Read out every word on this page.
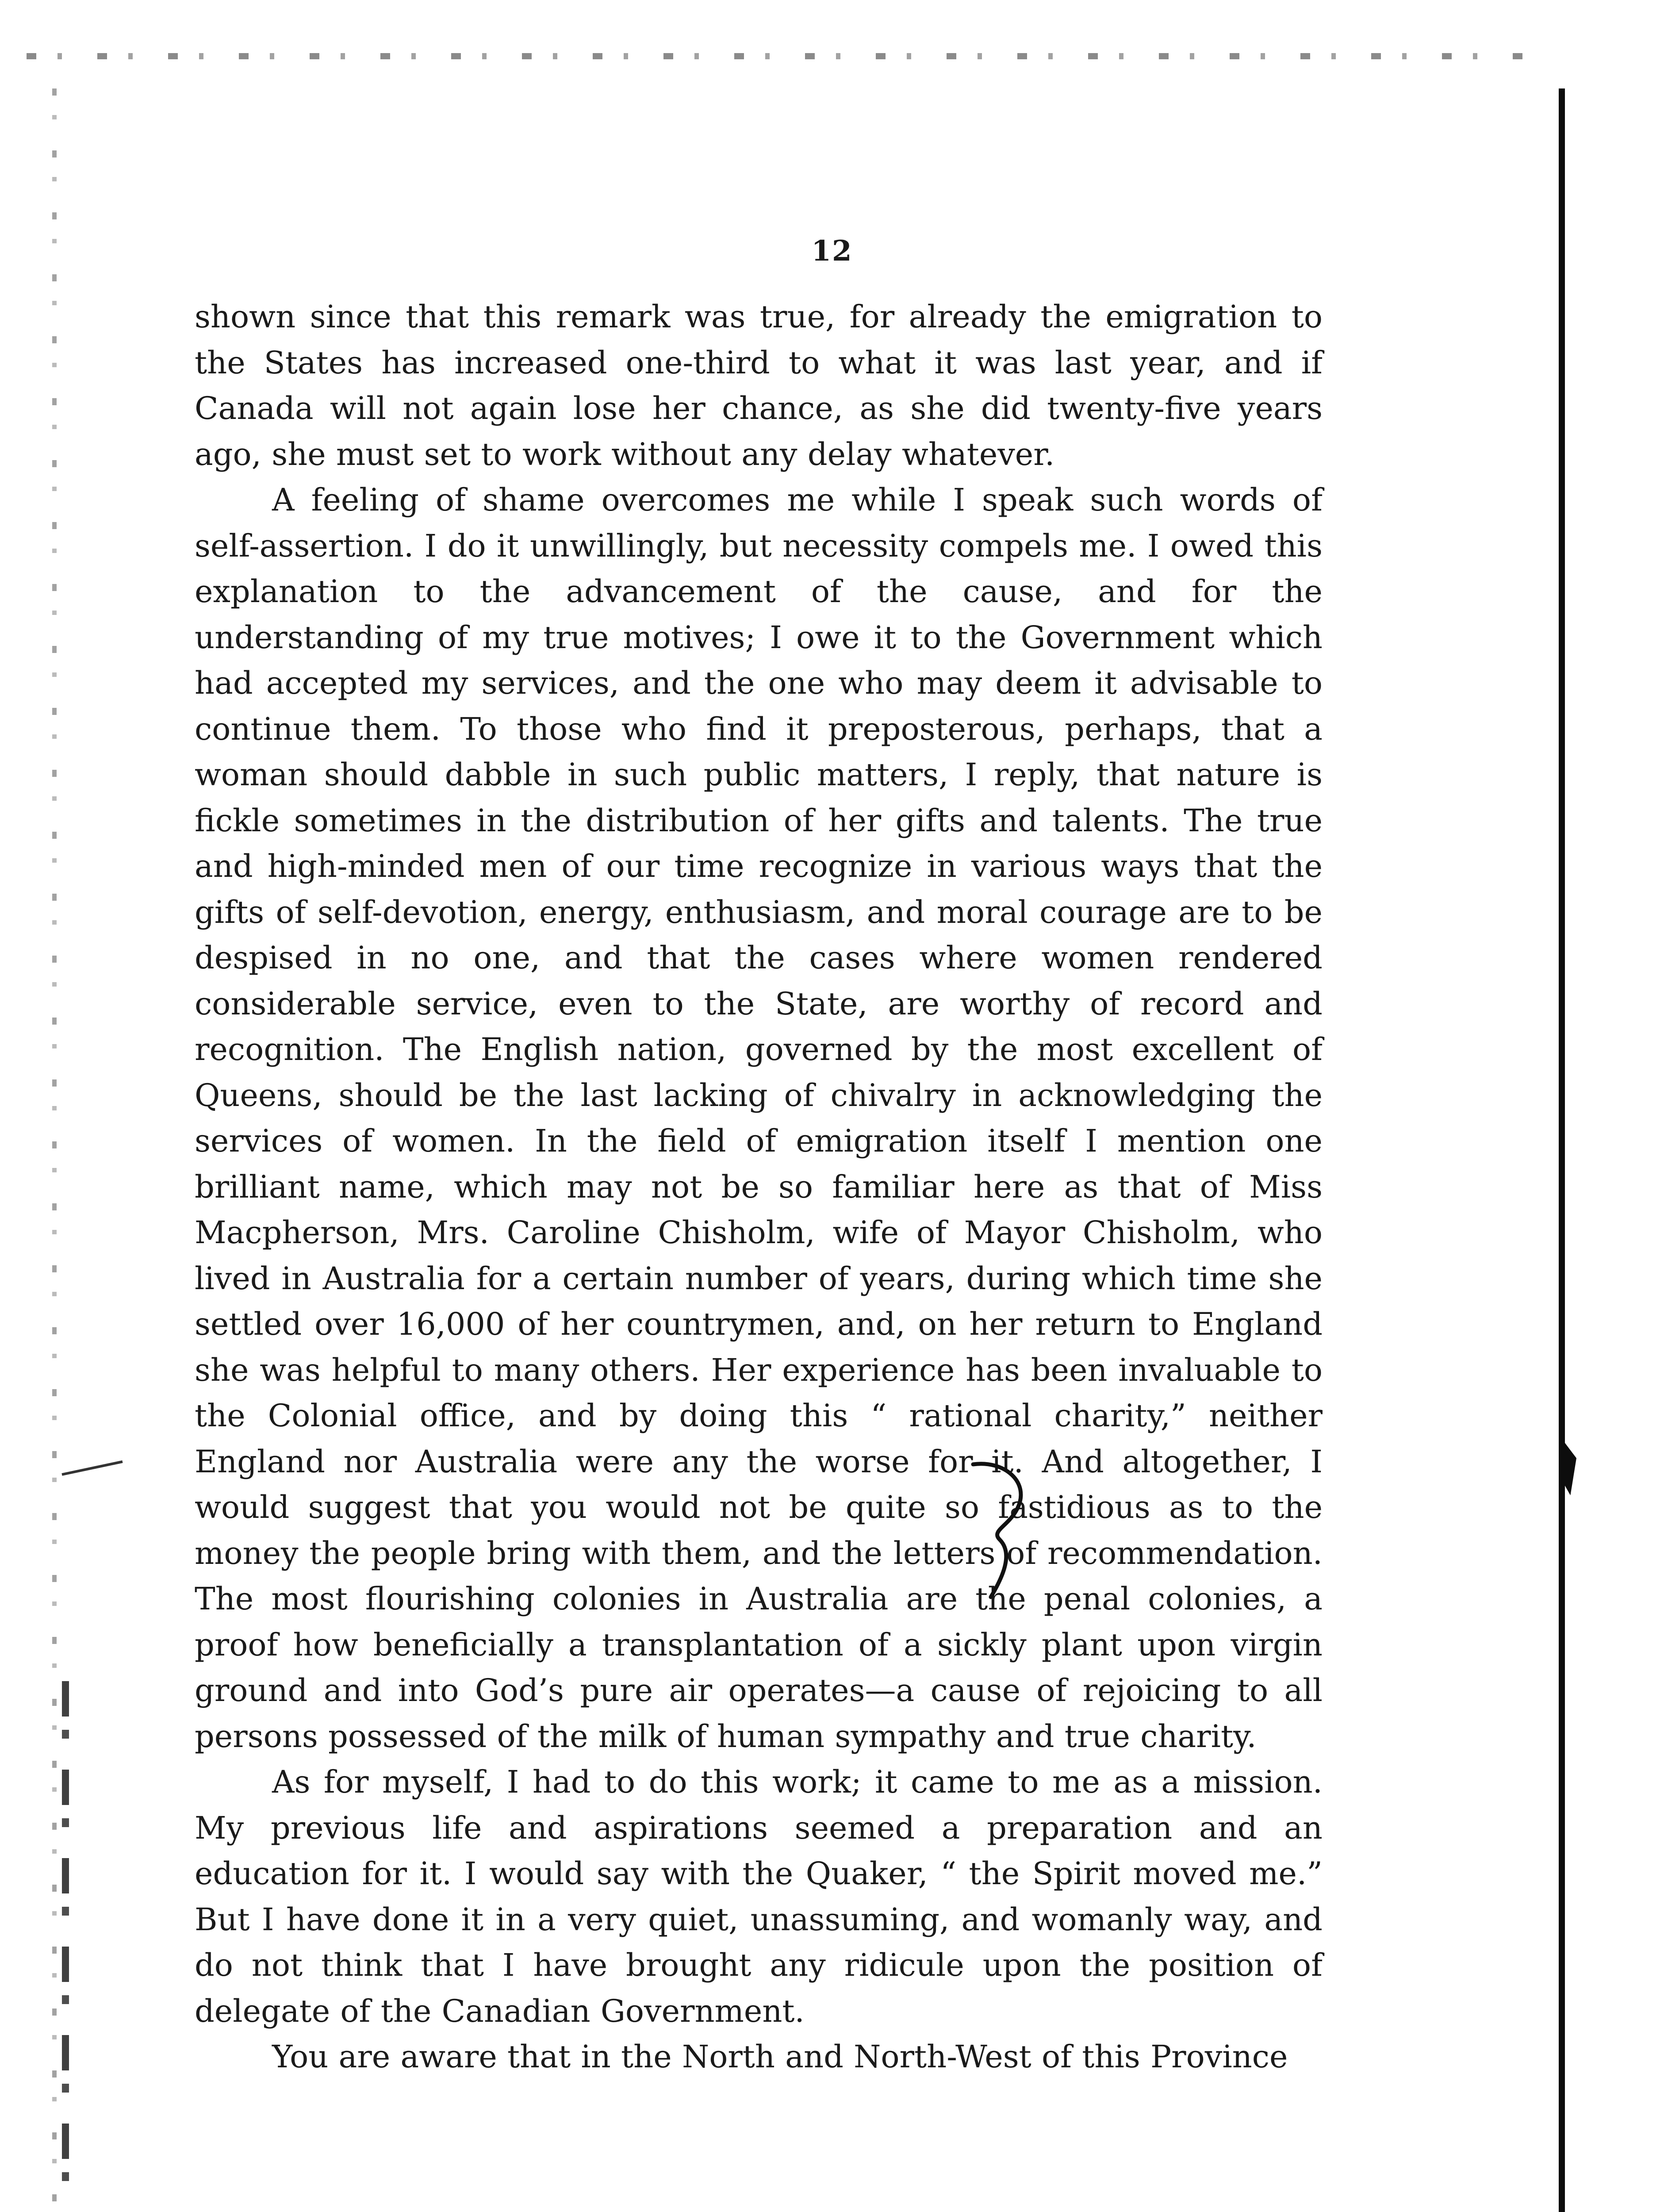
12

shown since that this remark was true, for already the emigration to the States has increased one-third to what it was last year, and if Canada will not again lose her chance, as she did twenty-five years ago, she must set to work without any delay whatever.

A feeling of shame overcomes me while I speak such words of self-assertion. I do it unwillingly, but necessity compels me. I owed this explanation to the advancement of the cause, and for the understanding of my true motives; I owe it to the Government which had accepted my services, and the one who may deem it advisable to continue them. To those who find it preposterous, perhaps, that a woman should dabble in such public matters, I reply, that nature is fickle sometimes in the distribution of her gifts and talents. The true and high-minded men of our time recognize in various ways that the gifts of self-devotion, energy, enthusiasm, and moral courage are to be despised in no one, and that the cases where women rendered considerable service, even to the State, are worthy of record and recognition. The English nation, governed by the most excellent of Queens, should be the last lacking of chivalry in acknowledging the services of women. In the field of emigration itself I mention one brilliant name, which may not be so familiar here as that of Miss Macpherson, Mrs. Caroline Chisholm, wife of Mayor Chisholm, who lived in Australia for a certain number of years, during which time she settled over 16,000 of her countrymen, and, on her return to England she was helpful to many others. Her experience has been invaluable to the Colonial office, and by doing this “ rational charity,” neither England nor Australia were any the worse for it. And altogether, I would suggest that you would not be quite so fastidious as to the money the people bring with them, and the letters of recommendation. The most flourishing colonies in Australia are the penal colonies, a proof how beneficially a transplantation of a sickly plant upon virgin ground and into God’s pure air operates—a cause of rejoicing to all persons possessed of the milk of human sympathy and true charity.

As for myself, I had to do this work; it came to me as a mission. My previous life and aspirations seemed a preparation and an education for it. I would say with the Quaker, “ the Spirit moved me.” But I have done it in a very quiet, unassuming, and womanly way, and do not think that I have brought any ridicule upon the position of delegate of the Canadian Government.

You are aware that in the North and North-West of this Province
